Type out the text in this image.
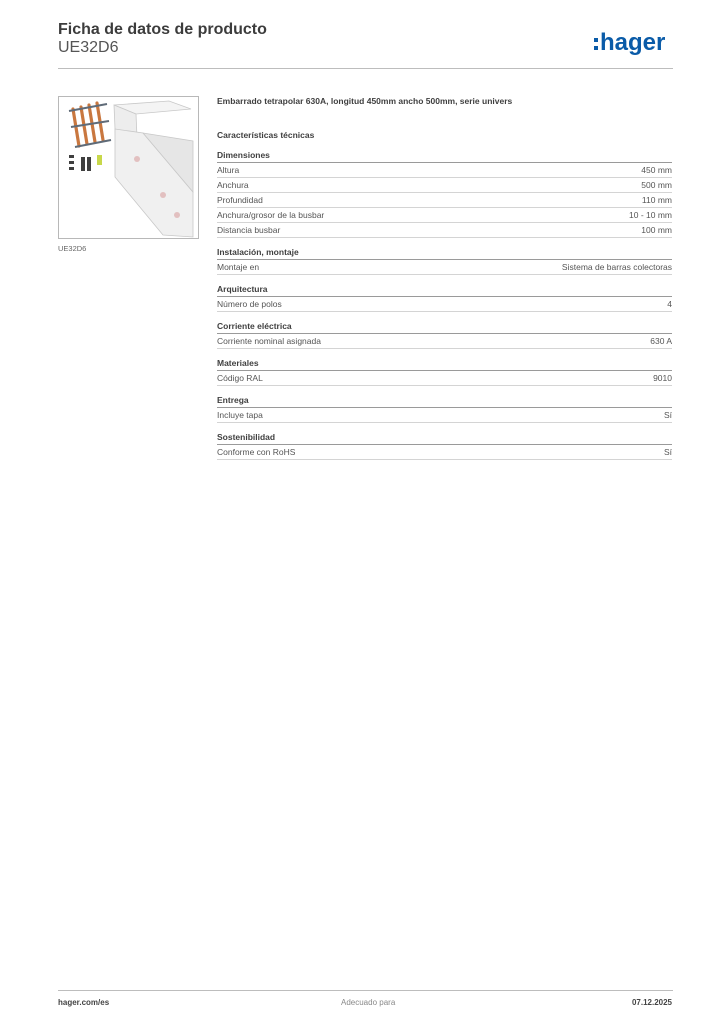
Ficha de datos de producto
UE32D6	hager
UE32D6
Embarrado tetrapolar 630A, longitud 450mm ancho 500mm, serie univers
Características técnicas
Dimensiones
Altura	450 mm
Anchura	500 mm
Profundidad	110 mm
Anchura/grosor de la busbar	10 - 10 mm
Distancia busbar	100 mm
Instalación, montaje
Montaje en	Sistema de barras colectoras
Arquitectura
Número de polos	4
Corriente eléctrica
Corriente nominal asignada	630 A
Materiales
Código RAL	9010
Entrega
Incluye tapa	Sí
Sostenibilidad
Conforme con RoHS	Sí
hager.com/es	Adecuado para	07.12.2025
